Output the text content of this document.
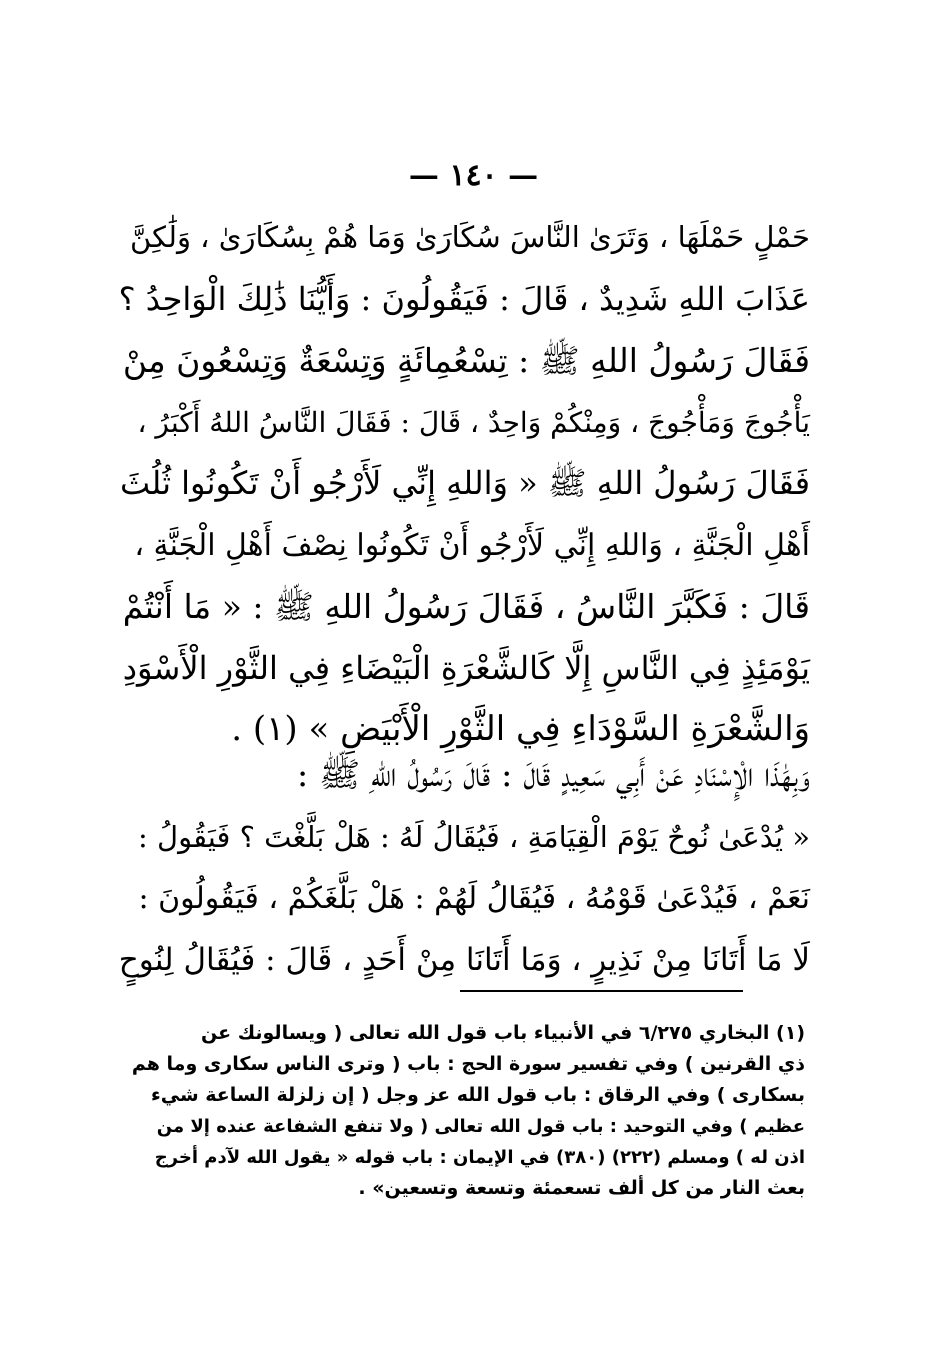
— ١٤٠ —
حَمْلٍ حَمْلَهَا ، وَتَرَىٰ النَّاسَ سُكَارَىٰ وَمَا هُمْ بِسُكَارَىٰ ، وَلَٰكِنَّ
عَذَابَ اللهِ شَدِيدٌ ، قَالَ : فَيَقُولُونَ : وَأَيُّنَا ذَٰلِكَ الْوَاحِدُ ؟
فَقَالَ رَسُولُ اللهِ ﷺ : تِسْعُمِائَةٍ وَتِسْعَةٌ وَتِسْعُونَ مِنْ
يَأْجُوجَ وَمَأْجُوجَ ، وَمِنْكُمْ وَاحِدٌ ، قَالَ : فَقَالَ النَّاسُ اللهُ أَكْبَرُ ،
فَقَالَ رَسُولُ اللهِ ﷺ « وَاللهِ إِنِّي لَأَرْجُو أَنْ تَكُونُوا ثُلُثَ
أَهْلِ الْجَنَّةِ ، وَاللهِ إِنِّي لَأَرْجُو أَنْ تَكُونُوا نِصْفَ أَهْلِ الْجَنَّةِ ،
قَالَ : فَكَبَّرَ النَّاسُ ، فَقَالَ رَسُولُ اللهِ ﷺ : « مَا أَنْتُمْ
يَوْمَئِذٍ فِي النَّاسِ إِلَّا كَالشَّعْرَةِ الْبَيْضَاءِ فِي الثَّوْرِ الْأَسْوَدِ
وَالشَّعْرَةِ السَّوْدَاءِ فِي الثَّوْرِ الْأَبْيَضِ » (١) .
وَبِهَٰذَا الْإِسْنَادِ عَنْ أَبِي سَعِيدٍ قَالَ : قَالَ رَسُولُ اللهِ ﷺ :
« يُدْعَىٰ نُوحٌ يَوْمَ الْقِيَامَةِ ، فَيُقَالُ لَهُ : هَلْ بَلَّغْتَ ؟ فَيَقُولُ :
نَعَمْ ، فَيُدْعَىٰ قَوْمُهُ ، فَيُقَالُ لَهُمْ : هَلْ بَلَّغَكُمْ ، فَيَقُولُونَ :
لَا مَا أَتَانَا مِنْ نَذِيرٍ ، وَمَا أَتَانَا مِنْ أَحَدٍ ، قَالَ : فَيُقَالُ لِنُوحٍ
(١) البخاري ٦/٢٧٥ في الأنبياء باب قول الله تعالى ( ويسالونك عن
ذي القرنين ) وفي تفسير سورة الحج : باب ( وترى الناس سكارى وما هم
بسكارى ) وفي الرقاق : باب قول الله عز وجل ( إن زلزلة الساعة شيء
عظيم ) وفي التوحيد : باب قول الله تعالى ( ولا تنفع الشفاعة عنده إلا من
اذن له ) ومسلم (٢٢٢) (٣٨٠) في الإيمان : باب قوله « يقول الله لآدم أخرج
بعث النار من كل ألف تسعمئة وتسعة وتسعين» .
